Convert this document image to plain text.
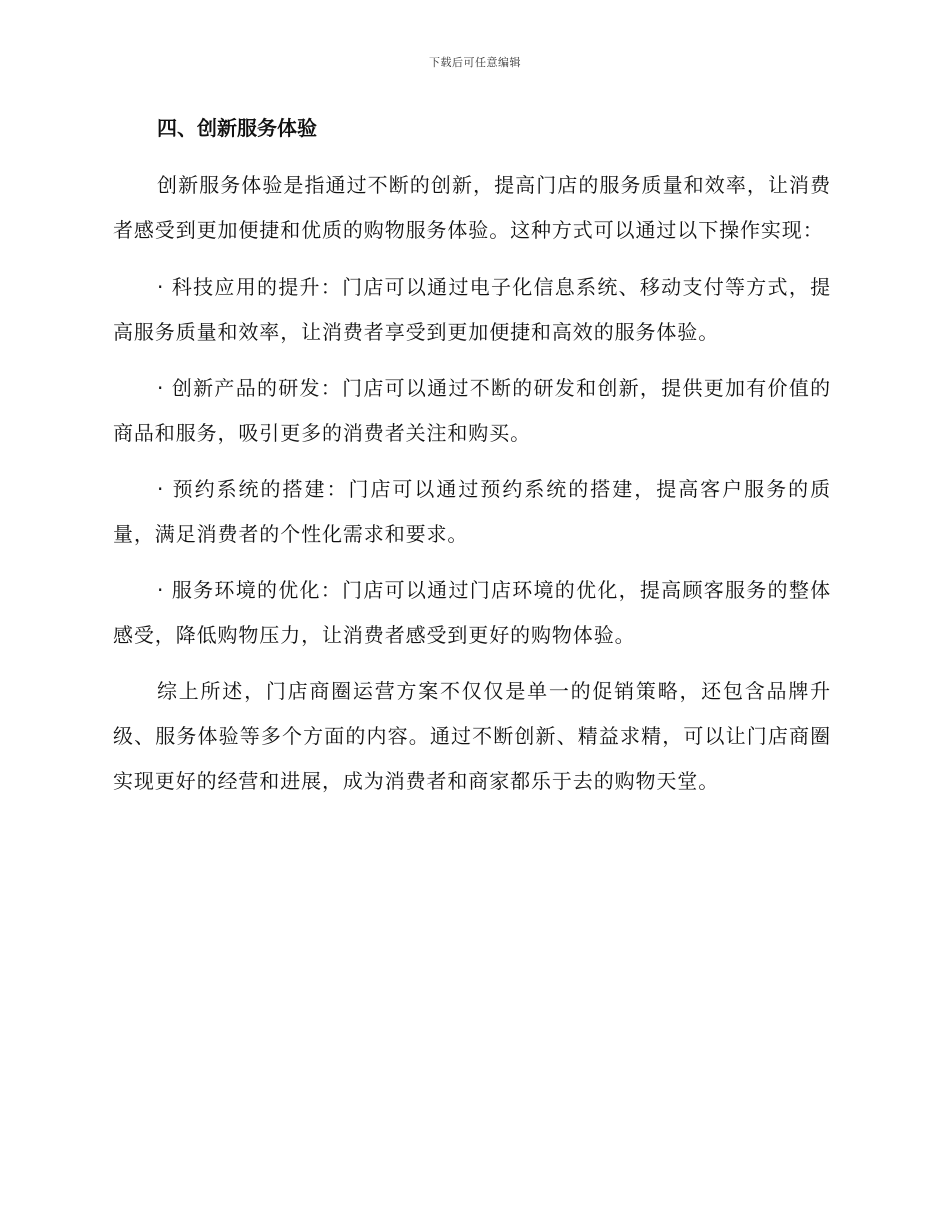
下载后可任意编辑
四、创新服务体验

创新服务体验是指通过不断的创新，提高门店的服务质量和效率，让消费者感受到更加便捷和优质的购物服务体验。这种方式可以通过以下操作实现：

· 科技应用的提升：门店可以通过电子化信息系统、移动支付等方式，提高服务质量和效率，让消费者享受到更加便捷和高效的服务体验。

· 创新产品的研发：门店可以通过不断的研发和创新，提供更加有价值的商品和服务，吸引更多的消费者关注和购买。

· 预约系统的搭建：门店可以通过预约系统的搭建，提高客户服务的质量，满足消费者的个性化需求和要求。

· 服务环境的优化：门店可以通过门店环境的优化，提高顾客服务的整体感受，降低购物压力，让消费者感受到更好的购物体验。

综上所述，门店商圈运营方案不仅仅是单一的促销策略，还包含品牌升级、服务体验等多个方面的内容。通过不断创新、精益求精，可以让门店商圈实现更好的经营和进展，成为消费者和商家都乐于去的购物天堂。
